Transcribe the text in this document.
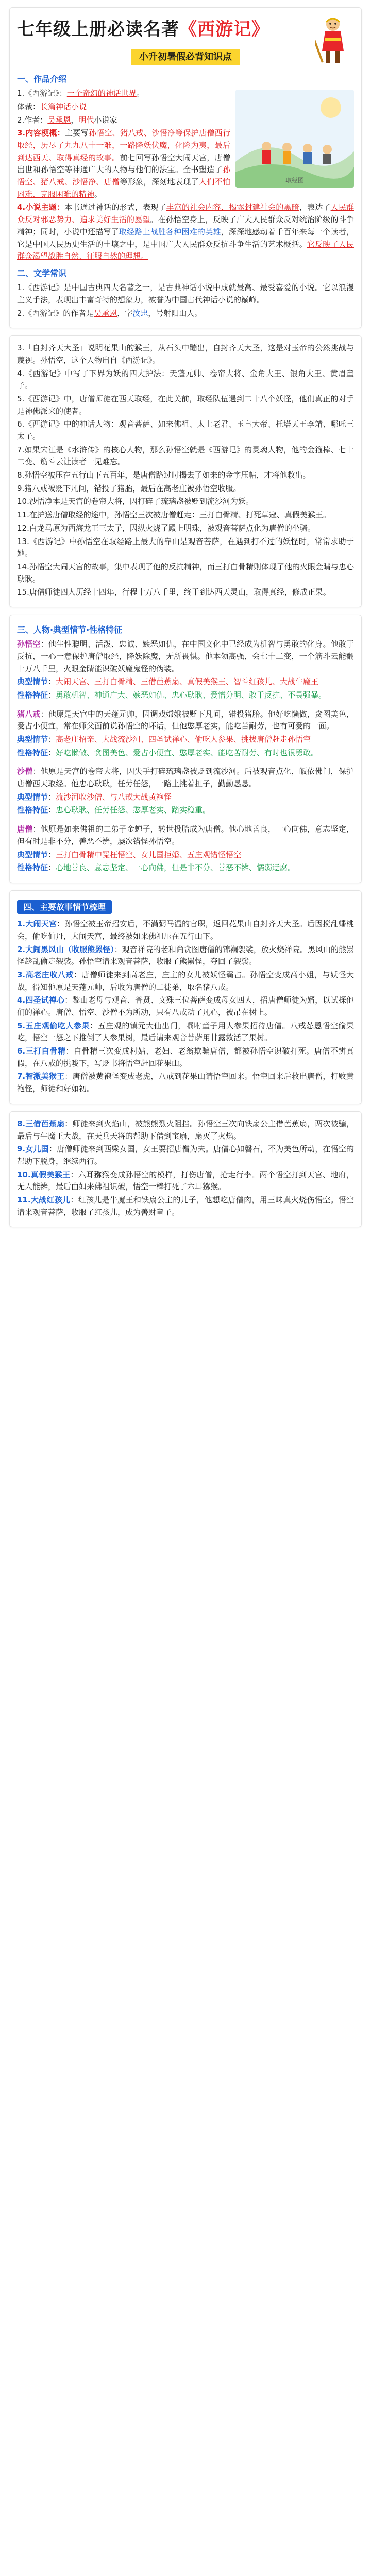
七年级上册必读名著《西游记》
小升初暑假必背知识点
一、作品介绍
取经图

1.《西游记》：一个奇幻的神话世界。

体裁：长篇神话小说

2.作者：吴承恩，明代小说家

3.内容梗概：主要写孙悟空、猪八戒、沙悟净等保护唐僧西行取经，历尽了九九八十一难，一路降妖伏魔，化险为夷，最后到达西天、取得真经的故事。前七回写孙悟空大闹天宫，唐僧出世和孙悟空等神通广大的人物与他们的法宝。全书塑造了孙悟空、猪八戒、沙悟净、唐僧等形象，深刻地表现了人们不怕困难、克服困难的精神。

4.小说主题：本书通过神话的形式，表现了丰富的社会内容，揭露封建社会的黑暗，表达了人民群众反对邪恶势力、追求美好生活的愿望。在孙悟空身上，反映了广大人民群众反对统治阶级的斗争精神；同时，小说中还描写了取经路上战胜各种困难的英雄，深深地感动着千百年来每一个读者，它是中国人民历史生活的土壤之中，是中国广大人民群众反抗斗争生活的艺术概括。它反映了人民群众渴望战胜自然、征服自然的理想。

二、文学常识

1.《西游记》是中国古典四大名著之一，是古典神话小说中成就最高、最受喜爱的小说。它以浪漫主义手法，表现出丰富奇特的想象力，被誉为中国古代神话小说的巅峰。

2.《西游记》的作者是吴承恩，字汝忠，号射阳山人。

3.「自封齐天大圣」说明花果山的猴王，从石头中蹦出，自封齐天大圣，这是对玉帝的公然挑战与蔑视。孙悟空，这个人物出自《西游记》。

4.《西游记》中写了下界为妖的四大护法：天蓬元帅、卷帘大将、金角大王、银角大王、黄眉童子。

5.《西游记》中，唐僧师徒在西天取经，在此关前，取经队伍遇到二十八个妖怪，他们真正的对手是神佛派来的使者。

6.《西游记》中的神话人物：观音菩萨、如来佛祖、太上老君、玉皇大帝、托塔天王李靖、哪吒三太子。

7.如果宋江是《水浒传》的核心人物，那么孙悟空就是《西游记》的灵魂人物，他的金箍棒、七十二变、筋斗云让读者一见难忘。

8.孙悟空被压在五行山下五百年，是唐僧路过时揭去了如来的金字压帖，才将他救出。

9.猪八戒被贬下凡间，错投了猪胎，最后在高老庄被孙悟空收服。

10.沙悟净本是天宫的卷帘大将，因打碎了琉璃盏被贬到流沙河为妖。

11.在护送唐僧取经的途中，孙悟空三次被唐僧赶走：三打白骨精、打死草寇、真假美猴王。

12.白龙马原为西海龙王三太子，因纵火烧了殿上明珠，被观音菩萨点化为唐僧的坐骑。

13.《西游记》中孙悟空在取经路上最大的靠山是观音菩萨，在遇到打不过的妖怪时，常常求助于她。

14.孙悟空大闹天宫的故事，集中表现了他的反抗精神，而三打白骨精则体现了他的火眼金睛与忠心耿耿。

15.唐僧师徒四人历经十四年，行程十万八千里，终于到达西天灵山，取得真经，修成正果。

三、人物·典型情节·性格特征

孙悟空：他生性聪明、活泼、忠诚、嫉恶如仇，在中国文化中已经成为机智与勇敢的化身。他敢于反抗，一心一意保护唐僧取经，降妖除魔，无所畏惧。他本领高强，会七十二变，一个筋斗云能翻十万八千里，火眼金睛能识破妖魔鬼怪的伪装。

典型情节：大闹天宫、三打白骨精、三借芭蕉扇、真假美猴王、智斗红孩儿、大战牛魔王

性格特征：勇敢机智、神通广大、嫉恶如仇、忠心耿耿、爱憎分明、敢于反抗、不畏强暴。

猪八戒：他原是天宫中的天蓬元帅，因调戏嫦娥被贬下凡间，错投猪胎。他好吃懒做，贪图美色，爱占小便宜，常在师父面前说孙悟空的坏话，但他憨厚老实，能吃苦耐劳，也有可爱的一面。

典型情节：高老庄招亲、大战流沙河、四圣试禅心、偷吃人参果、挑拨唐僧赶走孙悟空

性格特征：好吃懒做、贪图美色、爱占小便宜、憨厚老实、能吃苦耐劳、有时也很勇敢。

沙僧：他原是天宫的卷帘大将，因失手打碎琉璃盏被贬到流沙河。后被观音点化，皈依佛门，保护唐僧西天取经。他忠心耿耿，任劳任怨，一路上挑着担子，勤勤恳恳。

典型情节：流沙河收沙僧、与八戒大战黄袍怪

性格特征：忠心耿耿、任劳任怨、憨厚老实、踏实稳重。

唐僧：他原是如来佛祖的二弟子金蝉子，转世投胎成为唐僧。他心地善良，一心向佛，意志坚定，但有时是非不分，善恶不辨，屡次错怪孙悟空。

典型情节：三打白骨精中冤枉悟空、女儿国拒婚、五庄观错怪悟空

性格特征：心地善良、意志坚定、一心向佛，但是非不分、善恶不辨、懦弱迂腐。

四、主要故事情节梳理

1.大闹天宫：孙悟空被玉帝招安后，不满弼马温的官职，返回花果山自封齐天大圣。后因搅乱蟠桃会，偷吃仙丹，大闹天宫，最终被如来佛祖压在五行山下。

2.大闹黑风山（收服熊罴怪）：观音禅院的老和尚贪图唐僧的锦襕袈裟，放火烧禅院。黑风山的熊罴怪趁乱偷走袈裟。孙悟空请来观音菩萨，收服了熊罴怪，夺回了袈裟。

3.高老庄收八戒：唐僧师徒来到高老庄，庄主的女儿被妖怪霸占。孙悟空变成高小姐，与妖怪大战，得知他原是天蓬元帅，后收为唐僧的二徒弟，取名猪八戒。

4.四圣试禅心：黎山老母与观音、普贤、文殊三位菩萨变成母女四人，招唐僧师徒为婿，以试探他们的禅心。唐僧、悟空、沙僧不为所动，只有八戒动了凡心，被吊在树上。

5.五庄观偷吃人参果：五庄观的镇元大仙出门，嘱咐童子用人参果招待唐僧。八戒怂恿悟空偷果吃，悟空一怒之下推倒了人参果树，最后请来观音菩萨用甘露救活了果树。

6.三打白骨精：白骨精三次变成村姑、老妇、老翁欺骗唐僧，都被孙悟空识破打死。唐僧不辨真假，在八戒的挑唆下，写贬书将悟空赶回花果山。

7.智激美猴王：唐僧被黄袍怪变成老虎，八戒到花果山请悟空回来。悟空回来后救出唐僧，打败黄袍怪，师徒和好如初。

8.三借芭蕉扇：师徒来到火焰山，被熊熊烈火阻挡。孙悟空三次向铁扇公主借芭蕉扇，两次被骗，最后与牛魔王大战，在天兵天将的帮助下借到宝扇，扇灭了火焰。

9.女儿国：唐僧师徒来到西梁女国，女王要招唐僧为夫。唐僧心如磐石，不为美色所动，在悟空的帮助下脱身，继续西行。

10.真假美猴王：六耳猕猴变成孙悟空的模样，打伤唐僧，抢走行李。两个悟空打到天宫、地府，无人能辨，最后由如来佛祖识破，悟空一棒打死了六耳猕猴。

11.大战红孩儿：红孩儿是牛魔王和铁扇公主的儿子，他想吃唐僧肉，用三昧真火烧伤悟空。悟空请来观音菩萨，收服了红孩儿，成为善财童子。
